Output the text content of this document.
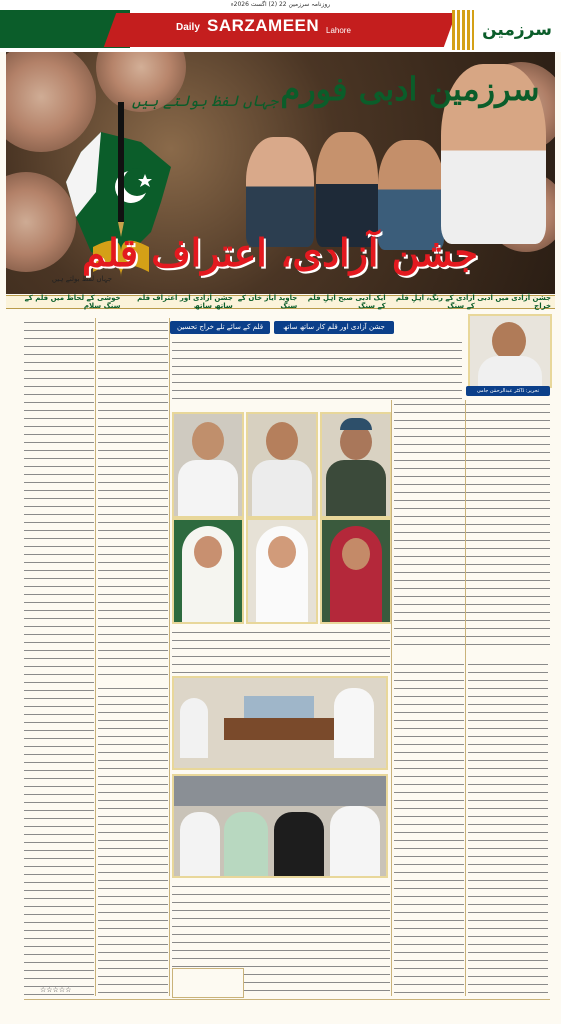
روزنامہ سرزمین 22 (2) اگست 2026ء
Daily SARZAMEEN Lahore	سرزمین
سرزمین ادبی فورم
جہاں لفظ بولتے ہیں
جشن آزادی، اعتراف قلم
جہاں لفظ بولتے ہیں
جشن آزادی میں ادبی خراج
آزادی کے رنگ، اہلِ قلم کے سنگ
ایک ادبی صبح اہلِ قلم کے سنگ
جاوید ایاز خان کے سنگ
جشن آزادی اور اعتراف قلم ساتھ ساتھ
خوشی کے لحاظ میں قلم کے سنگ سلام
قلم کے سائے تلے خراج تحسین	جشن آزادی اور قلم کار ساتھ ساتھ
تحریر: ڈاکٹر عبدالرحمٰن جامی
☆☆☆☆☆
